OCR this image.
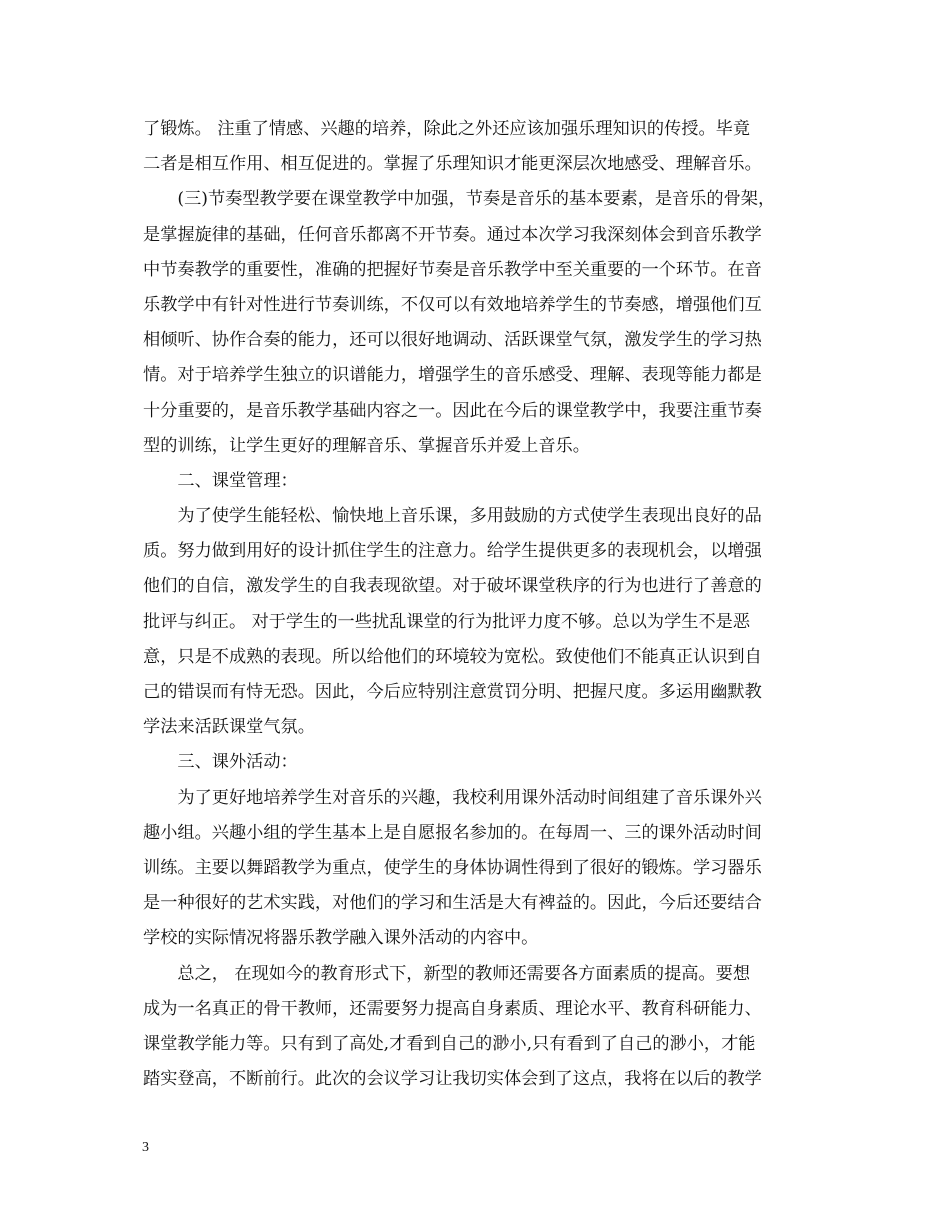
了锻炼。 注重了情感、兴趣的培养，除此之外还应该加强乐理知识的传授。毕竟
二者是相互作用、相互促进的。掌握了乐理知识才能更深层次地感受、理解音乐。
　　(三)节奏型教学要在课堂教学中加强，节奏是音乐的基本要素，是音乐的骨架，
是掌握旋律的基础，任何音乐都离不开节奏。通过本次学习我深刻体会到音乐教学
中节奏教学的重要性，准确的把握好节奏是音乐教学中至关重要的一个环节。在音
乐教学中有针对性进行节奏训练，不仅可以有效地培养学生的节奏感，增强他们互
相倾听、协作合奏的能力，还可以很好地调动、活跃课堂气氛，激发学生的学习热
情。对于培养学生独立的识谱能力，增强学生的音乐感受、理解、表现等能力都是
十分重要的，是音乐教学基础内容之一。因此在今后的课堂教学中，我要注重节奏
型的训练，让学生更好的理解音乐、掌握音乐并爱上音乐。
　　二、课堂管理：
　　为了使学生能轻松、愉快地上音乐课，多用鼓励的方式使学生表现出良好的品
质。努力做到用好的设计抓住学生的注意力。给学生提供更多的表现机会，以增强
他们的自信，激发学生的自我表现欲望。对于破坏课堂秩序的行为也进行了善意的
批评与纠正。 对于学生的一些扰乱课堂的行为批评力度不够。总以为学生不是恶
意，只是不成熟的表现。所以给他们的环境较为宽松。致使他们不能真正认识到自
己的错误而有恃无恐。因此，今后应特别注意赏罚分明、把握尺度。多运用幽默教
学法来活跃课堂气氛。
　　三、课外活动：
　　为了更好地培养学生对音乐的兴趣，我校利用课外活动时间组建了音乐课外兴
趣小组。兴趣小组的学生基本上是自愿报名参加的。在每周一、三的课外活动时间
训练。主要以舞蹈教学为重点，使学生的身体协调性得到了很好的锻炼。学习器乐
是一种很好的艺术实践，对他们的学习和生活是大有裨益的。因此，今后还要结合
学校的实际情况将器乐教学融入课外活动的内容中。
　　总之， 在现如今的教育形式下，新型的教师还需要各方面素质的提高。要想
成为一名真正的骨干教师，还需要努力提高自身素质、理论水平、教育科研能力、
课堂教学能力等。只有到了高处,才看到自己的渺小,只有看到了自己的渺小，才能
踏实登高，不断前行。此次的会议学习让我切实体会到了这点，我将在以后的教学
3
